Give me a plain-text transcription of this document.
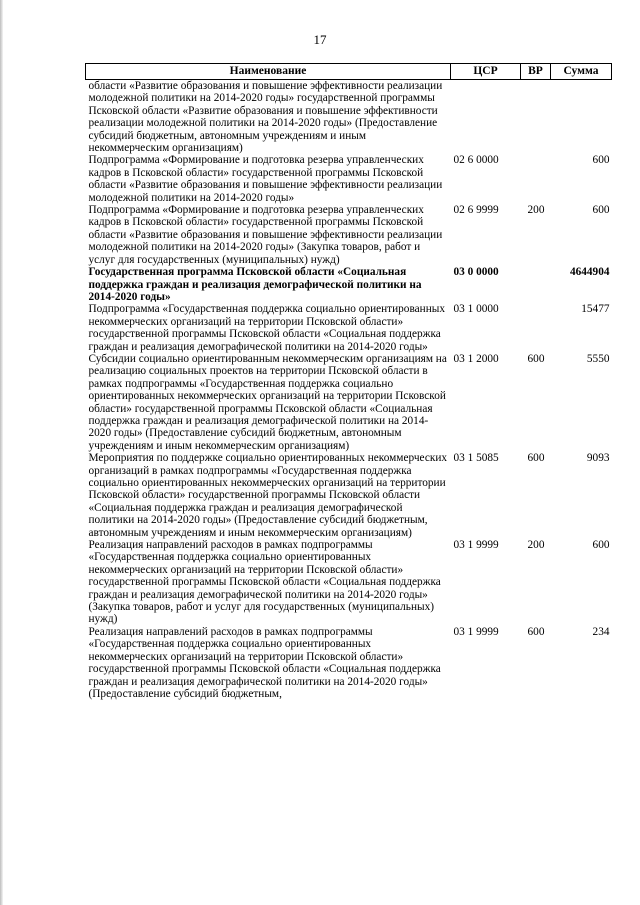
17
Наименование	ЦСР	ВР	Сумма
области «Развитие образования и повышение эффективности реализации молодежной политики на 2014-2020 годы» государственной программы Псковской области «Развитие образования и повышение эффективности реализации молодежной политики на 2014-2020 годы» (Предоставление субсидий бюджетным, автономным учреждениям и иным некоммерческим организациям)			
Подпрограмма «Формирование и подготовка резерва управленческих кадров в Псковской области» государственной программы Псковской области «Развитие образования и повышение эффективности реализации молодежной политики на 2014-2020 годы»	02 6 0000		600
Подпрограмма «Формирование и подготовка резерва управленческих кадров в Псковской области» государственной программы Псковской области «Развитие образования и повышение эффективности реализации молодежной политики на 2014-2020 годы» (Закупка товаров, работ и услуг для государственных (муниципальных) нужд)	02 6 9999	200	600
Государственная программа Псковской области «Социальная поддержка граждан и реализация демографической политики на 2014-2020 годы»	03 0 0000		4644904
Подпрограмма «Государственная поддержка социально ориентированных некоммерческих организаций на территории Псковской области» государственной программы Псковской области «Социальная поддержка граждан и реализация демографической политики на 2014-2020 годы»	03 1 0000		15477
Субсидии социально ориентированным некоммерческим организациям на реализацию социальных проектов на территории Псковской области в рамках подпрограммы «Государственная поддержка социально ориентированных некоммерческих организаций на территории Псковской области» государственной программы Псковской области «Социальная поддержка граждан и реализация демографической политики на 2014-2020 годы» (Предоставление субсидий бюджетным, автономным учреждениям и иным некоммерческим организациям)	03 1 2000	600	5550
Мероприятия по поддержке социально ориентированных некоммерческих организаций в рамках подпрограммы «Государственная поддержка социально ориентированных некоммерческих организаций на территории Псковской области» государственной программы Псковской области «Социальная поддержка граждан и реализация демографической политики на 2014-2020 годы» (Предоставление субсидий бюджетным, автономным учреждениям и иным некоммерческим организациям)	03 1 5085	600	9093
Реализация направлений расходов в рамках подпрограммы «Государственная поддержка социально ориентированных некоммерческих организаций на территории Псковской области» государственной программы Псковской области «Социальная поддержка граждан и реализация демографической политики на 2014-2020 годы» (Закупка товаров, работ и услуг для государственных (муниципальных) нужд)	03 1 9999	200	600
Реализация направлений расходов в рамках подпрограммы «Государственная поддержка социально ориентированных некоммерческих организаций на территории Псковской области» государственной программы Псковской области «Социальная поддержка граждан и реализация демографической политики на 2014-2020 годы» (Предоставление субсидий бюджетным,	03 1 9999	600	234
